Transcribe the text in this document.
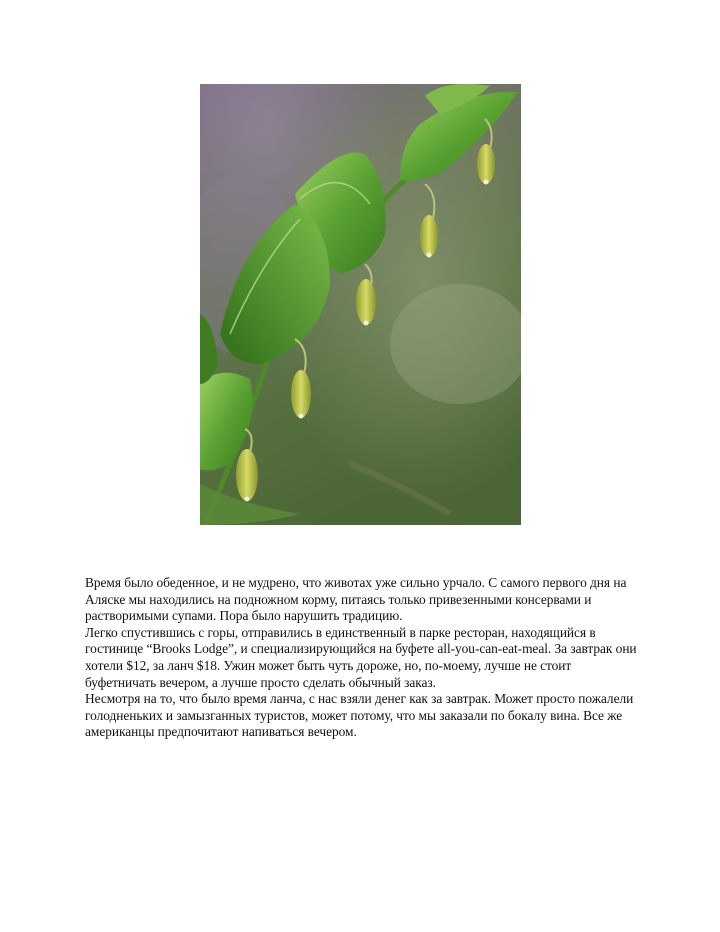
Время было обеденное, и не мудрено, что животах уже сильно урчало. С самого первого дня на Аляске мы находились на подножном корму, питаясь только привезенными консервами и растворимыми супами. Пора было нарушить традицию.

Легко спустившись с горы, отправились в единственный в парке ресторан, находящийся в гостинице “Brooks Lodge”, и специализирующийся на буфете all-you-can-eat-meal. За завтрак они хотели $12, за ланч $18. Ужин может быть чуть дороже, но, по-моему, лучше не стоит буфетничать вечером, а лучше просто сделать обычный заказ.

Несмотря на то, что было время ланча, с нас взяли денег как за завтрак. Может просто пожалели голодненьких и замызганных туристов, может потому, что мы заказали по бокалу вина. Все же американцы предпочитают напиваться вечером.
